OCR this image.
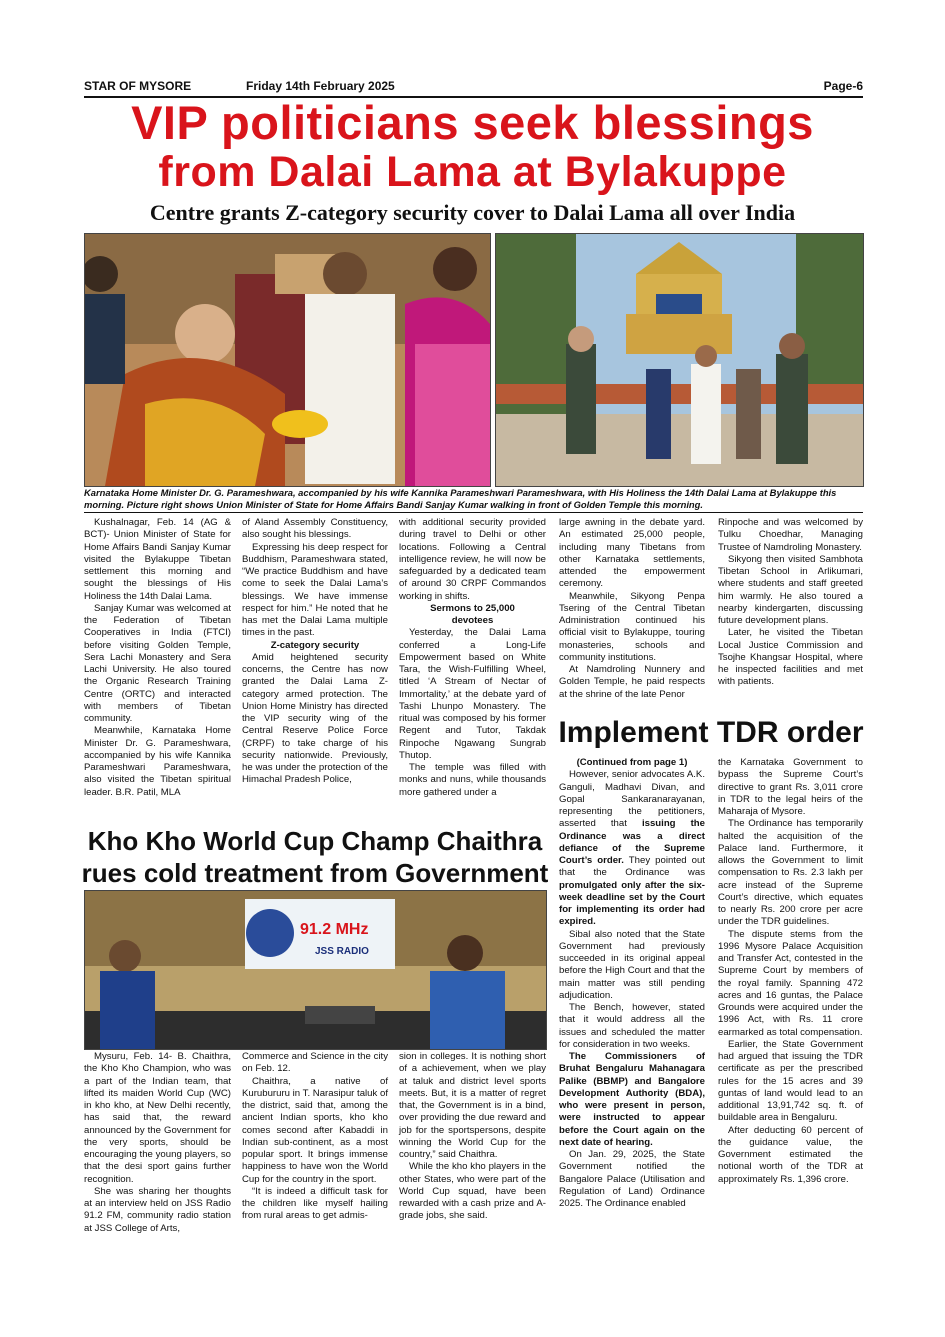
STAR OF MYSORE	Friday 14th February 2025	Page-6
VIP politicians seek blessings
from Dalai Lama at Bylakuppe
Centre grants Z-category security cover to Dalai Lama all over India
Karnataka Home Minister Dr. G. Parameshwara, accompanied by his wife Kannika Parameshwari Parameshwara, with His Holiness the 14th Dalai Lama at Bylakuppe this morning. Picture right shows Union Minister of State for Home Affairs Bandi Sanjay Kumar walking in front of Golden Temple this morning.

Kushalnagar, Feb. 14 (AG & BCT)- Union Minister of State for Home Affairs Bandi Sanjay Kumar visited the Bylakuppe Tibetan settlement this morning and sought the blessings of His Holiness the 14th Dalai Lama.

Sanjay Kumar was welcomed at the Federation of Tibetan Cooperatives in India (FTCI) before visiting Golden Temple, Sera Lachi Monastery and Sera Lachi University. He also toured the Organic Research Training Centre (ORTC) and interacted with members of Tibetan community.

Meanwhile, Karnataka Home Minister Dr. G. Parameshwara, accompanied by his wife Kannika Parameshwari Parameshwara, also visited the Tibetan spiritual leader. B.R. Patil, MLA

of Aland Assembly Constituency, also sought his blessings.

Expressing his deep respect for Buddhism, Parameshwara stated, “We practice Buddhism and have come to seek the Dalai Lama’s blessings. We have immense respect for him.” He noted that he has met the Dalai Lama multiple times in the past.

Z-category security

Amid heightened security concerns, the Centre has now granted the Dalai Lama Z-category armed protection. The Union Home Ministry has directed the VIP security wing of the Central Reserve Police Force (CRPF) to take charge of his security nationwide. Previously, he was under the protection of the Himachal Pradesh Police,

with additional security provided during travel to Delhi or other locations. Following a Central intelligence review, he will now be safeguarded by a dedicated team of around 30 CRPF Commandos working in shifts.

Sermons to 25,000

devotees

Yesterday, the Dalai Lama conferred a Long-Life Empowerment based on White Tara, the Wish-Fulfilling Wheel, titled ‘A Stream of Nectar of Immortality,’ at the debate yard of Tashi Lhunpo Monastery. The ritual was composed by his former Regent and Tutor, Takdak Rinpoche Ngawang Sungrab Thutop.

The temple was filled with monks and nuns, while thousands more gathered under a

large awning in the debate yard. An estimated 25,000 people, including many Tibetans from other Karnataka settlements, attended the empowerment ceremony.

Meanwhile, Sikyong Penpa Tsering of the Central Tibetan Administration continued his official visit to Bylakuppe, touring monasteries, schools and community institutions.

At Namdroling Nunnery and Golden Temple, he paid respects at the shrine of the late Penor

Rinpoche and was welcomed by Tulku Choedhar, Managing Trustee of Namdroling Monastery.

Sikyong then visited Sambhota Tibetan School in Arlikumari, where students and staff greeted him warmly. He also toured a nearby kindergarten, discussing future development plans.

Later, he visited the Tibetan Local Justice Commission and Tsojhe Khangsar Hospital, where he inspected facilities and met with patients.

Implement TDR order

(Continued from page 1)

However, senior advocates A.K. Ganguli, Madhavi Divan, and Gopal Sankaranarayanan, representing the petitioners, asserted that issuing the Ordinance was a direct defiance of the Supreme Court’s order. They pointed out that the Ordinance was promulgated only after the six-week deadline set by the Court for implementing its order had expired.

Sibal also noted that the State Government had previously succeeded in its original appeal before the High Court and that the main matter was still pending adjudication.

The Bench, however, stated that it would address all the issues and scheduled the matter for consideration in two weeks.

The Commissioners of Bruhat Bengaluru Mahanagara Palike (BBMP) and Bangalore Development Authority (BDA), who were present in person, were instructed to appear before the Court again on the next date of hearing.

On Jan. 29, 2025, the State Government notified the Bangalore Palace (Utilisation and Regulation of Land) Ordinance 2025. The Ordinance enabled

the Karnataka Government to bypass the Supreme Court’s directive to grant Rs. 3,011 crore in TDR to the legal heirs of the Maharaja of Mysore.

The Ordinance has temporarily halted the acquisition of the Palace land. Furthermore, it allows the Government to limit compensation to Rs. 2.3 lakh per acre instead of the Supreme Court’s directive, which equates to nearly Rs. 200 crore per acre under the TDR guidelines.

The dispute stems from the 1996 Mysore Palace Acquisition and Transfer Act, contested in the Supreme Court by members of the royal family. Spanning 472 acres and 16 guntas, the Palace Grounds were acquired under the 1996 Act, with Rs. 11 crore earmarked as total compensation.

Earlier, the State Government had argued that issuing the TDR certificate as per the prescribed rules for the 15 acres and 39 guntas of land would lead to an additional 13,91,742 sq. ft. of buildable area in Bengaluru.

After deducting 60 percent of the guidance value, the Government estimated the notional worth of the TDR at approximately Rs. 1,396 crore.

Kho Kho World Cup Champ Chaithra
rues cold treatment from Government
91.2 MHz
JSS RADIO

Mysuru, Feb. 14- B. Chaithra, the Kho Kho Champion, who was a part of the Indian team, that lifted its maiden World Cup (WC) in kho kho, at New Delhi recently, has said that, the reward announced by the Government for the very sports, should be encouraging the young players, so that the desi sport gains further recognition.

She was sharing her thoughts at an interview held on JSS Radio 91.2 FM, community radio station at JSS College of Arts,

Commerce and Science in the city on Feb. 12.

Chaithra, a native of Kurubururu in T. Narasipur taluk of the district, said that, among the ancient Indian sports, kho kho comes second after Kabaddi in Indian sub-continent, as a most popular sport. It brings immense happiness to have won the World Cup for the country in the sport.

“It is indeed a difficult task for the children like myself hailing from rural areas to get admis-

sion in colleges. It is nothing short of a achievement, when we play at taluk and district level sports meets. But, it is a matter of regret that, the Government is in a bind, over providing the due reward and job for the sportspersons, despite winning the World Cup for the country,” said Chaithra.

While the kho kho players in the other States, who were part of the World Cup squad, have been rewarded with a cash prize and A-grade jobs, she said.
